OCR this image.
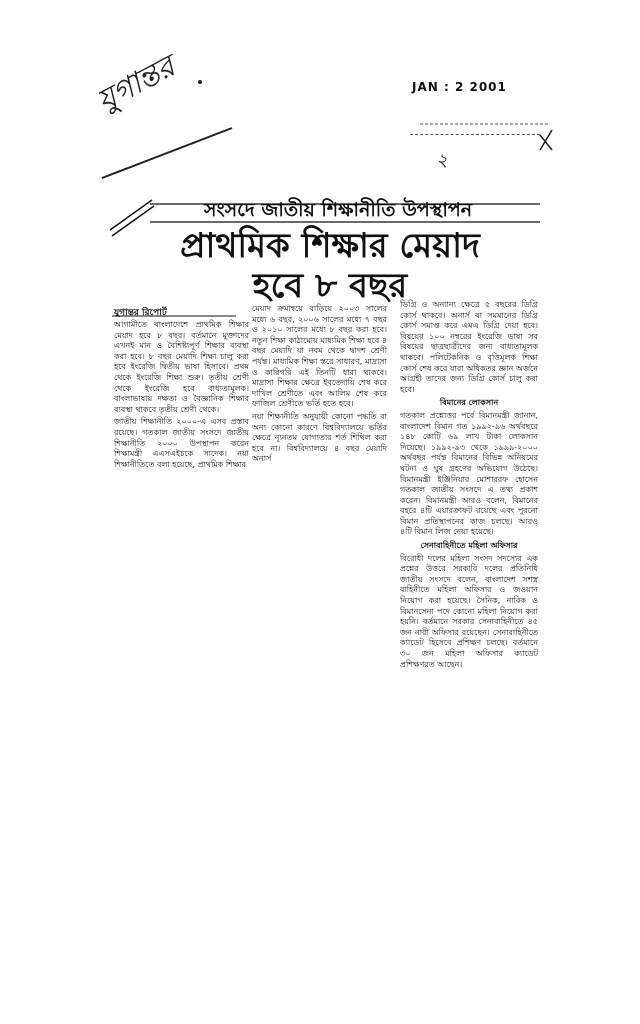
যুগান্তর	JAN : 2 2001
২
সংসদে জাতীয় শিক্ষানীতি উপস্থাপন
প্রাথমিক শিক্ষার মেয়াদ
হবে ৮ বছর
যুগান্তর রিপোর্ট

আগামীতে বাংলাদেশে প্রাথমিক শিক্ষার মেয়াদ হবে ৮ বছর। বর্তমানে মুক্তাদের এখনই মান ও বৈশিষ্ট্যপূর্ণ শিক্ষার ব্যবস্থা করা হবে। ৮ বছর মেয়াদি শিক্ষা চালু করা হবে ইংরেজি দ্বিতীয় ভাষা হিসাবে। প্রথম থেকে ইংরেজি শিক্ষা শুরু। তৃতীয় শ্রেণী থেকে ইংরেজি হবে বাধ্যতামূলক। বাংলাভাষায় দক্ষতা ও বৈজ্ঞানিক শিক্ষার ব্যবস্থা থাকবে তৃতীয় শ্রেণী থেকে।

জাতীয় শিক্ষানীতি ২০০০-এ এসব প্রস্তাব রয়েছে। গতকাল জাতীয় সংসদে জাতীয় শিক্ষানীতি ২০০০ উপস্থাপন করেন শিক্ষামন্ত্রী এএসএইচকে সাদেক। নয়া শিক্ষানীতিতে বলা হয়েছে, প্রাথমিক শিক্ষার

মেয়াদ ক্রমান্বয়ে বাড়িয়ে ২০০৩ সালের মধ্যে ৬ বছর, ২০০৬ সালের মধ্যে ৭ বছর ও ২০১০ সালের মধ্যে ৮ বছর করা হবে। নতুন শিক্ষা কাঠামোয় মাধ্যমিক শিক্ষা হবে ৪ বছর মেয়াদি যা নবম থেকে দ্বাদশ শ্রেণী পর্যন্ত। মাধ্যমিক শিক্ষা স্তরে সাধারণ, মাদ্রাসা ও কারিগরি এই তিনটি ধারা থাকবে। মাদ্রাসা শিক্ষার ক্ষেত্রে ইবতেদায়ি শেষ করে দাখিল শ্রেণীতে এবং আলিম শেষ করে ফাজিল শ্রেণীতে ভর্তি হতে হবে।

নয়া শিক্ষানীতি অনুযায়ী কোনো পদ্ধতি বা অন্য কোনো কারণে বিশ্ববিদ্যালয়ে ভর্তির ক্ষেত্রে ন্যূনতম যোগ্যতার শর্ত শিথিল করা হবে না। বিশ্ববিদ্যালয়ে ৪ বছর মেয়াদি অনার্স

ডিগ্রি ও অন্যান্য ক্ষেত্রে ৫ বছরের ডিগ্রি কোর্স থাকবে। অনার্স বা সমমানের ডিগ্রি কোর্স সমাপ্ত করে এমএ ডিগ্রি দেয়া হবে। বিষয়ের ১০০ নম্বরের ইংরেজি ভাষা সব বিষয়ের ছাত্রছাত্রীদের জন্য বাধ্যতামূলক থাকবে। পলিটেকনিক ও বৃত্তিমূলক শিক্ষা কোর্স শেষ করে যারা অধিকতর জ্ঞান অর্জনে আগ্রহী তাদের জন্য ডিগ্রি কোর্স চালু করা হবে।

বিমানের লোকসান

গতকাল প্রশ্নোত্তর পর্বে বিমানমন্ত্রী জানান, বাংলাদেশ বিমান গত ১৯৯২-৯৬ অর্থবছরে ১৪৮ কোটি ৬৯ লাখ টাকা লোকসান দিয়েছে। ১৯৯২-৯৩ থেকে ১৯৯৯-২০০০ অর্থবছর পর্যন্ত বিমানের বিভিন্ন অনিয়মের ঘটনা ও ঘুষ গ্রহণের অভিযোগ উঠেছে। বিমানমন্ত্রী ইঞ্জিনিয়ার মোশাররফ হোসেন গতকাল জাতীয় সংসদে এ তথ্য প্রকাশ করেন। বিমানমন্ত্রী আরও বলেন, বিমানের বহরে ৪টি এয়ারক্রাফট রয়েছে এবং পুরনো বিমান প্রতিস্থাপনের কাজ চলছে। আরও ৪টি বিমান লিজ নেয়া হয়েছে।

সেনাবাহিনীতে মহিলা অফিসার

বিরোধী দলের মহিলা সংসদ সদস্যের এক প্রশ্নের উত্তরে সরকারি দলের প্রতিনিধি জাতীয় সংসদে বলেন, বাংলাদেশ সশস্ত্র বাহিনীতে মহিলা অফিসার ও জওয়ান নিয়োগ করা হয়েছে। সৈনিক, নাবিক ও বিমানসেনা পদে কোনো মহিলা নিয়োগ করা হয়নি। বর্তমানে সরকার সেনাবাহিনীতে ৪৫ জন নারী অফিসার রয়েছেন। সেনাবাহিনীতে ক্যাডেট হিসেবে প্রশিক্ষণ চলছে। বর্তমানে ৩০ জন মহিলা অফিসার ক্যাডেট প্রশিক্ষণরত আছেন।
